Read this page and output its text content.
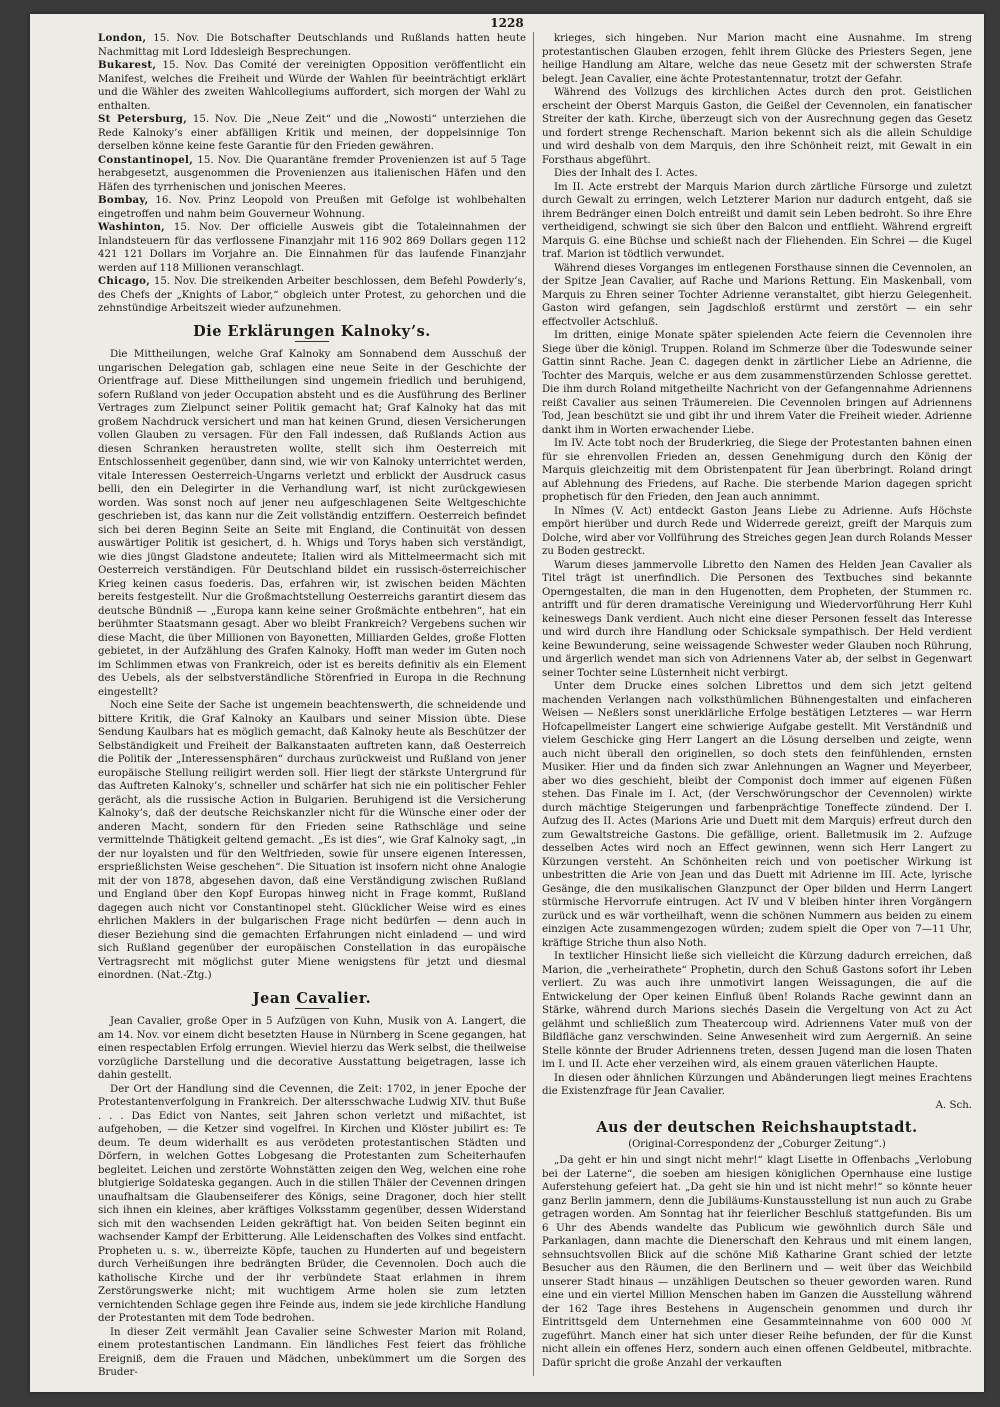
1228

London, 15. Nov. Die Botschafter Deutschlands und Rußlands hatten heute Nachmittag mit Lord Iddesleigh Besprechungen.

Bukarest, 15. Nov. Das Comité der vereinigten Opposition veröffentlicht ein Manifest, welches die Freiheit und Würde der Wahlen für beeinträchtigt erklärt und die Wähler des zweiten Wahlcollegiums auffordert, sich morgen der Wahl zu enthalten.

St Petersburg, 15. Nov. Die „Neue Zeit“ und die „Nowosti“ unterziehen die Rede Kalnoky’s einer abfälligen Kritik und meinen, der doppelsinnige Ton derselben könne keine feste Garantie für den Frieden gewähren.

Constantinopel, 15. Nov. Die Quarantäne fremder Provenienzen ist auf 5 Tage herabgesetzt, ausgenommen die Provenienzen aus italienischen Häfen und den Häfen des tyrrhenischen und jonischen Meeres.

Bombay, 16. Nov. Prinz Leopold von Preußen mit Gefolge ist wohlbehalten eingetroffen und nahm beim Gouverneur Wohnung.

Washinton, 15. Nov. Der officielle Ausweis gibt die Totaleinnahmen der Inlandsteuern für das verflossene Finanzjahr mit 116 902 869 Dollars gegen 112 421 121 Dollars im Vorjahre an. Die Einnahmen für das laufende Finanzjahr werden auf 118 Millionen veranschlagt.

Chicago, 15. Nov. Die streikenden Arbeiter beschlossen, dem Befehl Powderly’s, des Chefs der „Knights of Labor,“ obgleich unter Protest, zu gehorchen und die zehnstündige Arbeitszeit wieder aufzunehmen.

Die Erklärungen Kalnoky’s.

Die Mittheilungen, welche Graf Kalnoky am Sonnabend dem Ausschuß der ungarischen Delegation gab, schlagen eine neue Seite in der Geschichte der Orientfrage auf. Diese Mittheilungen sind ungemein friedlich und beruhigend, sofern Rußland von jeder Occupation absteht und es die Ausführung des Berliner Vertrages zum Zielpunct seiner Politik gemacht hat; Graf Kalnoky hat das mit großem Nachdruck versichert und man hat keinen Grund, diesen Versicherungen vollen Glauben zu versagen. Für den Fall indessen, daß Rußlands Action aus diesen Schranken heraustreten wollte, stellt sich ihm Oesterreich mit Entschlossenheit gegenüber, dann sind, wie wir von Kalnoky unterrichtet werden, vitale Interessen Oesterreich-Ungarns verletzt und erblickt der Ausdruck casus belli, den ein Delegirter in die Verhandlung warf, ist nicht zurückgewiesen worden. Was sonst noch auf jener neu aufgeschlagenen Seite Weltgeschichte geschrieben ist, das kann nur die Zeit vollständig entziffern. Oesterreich befindet sich bei deren Beginn Seite an Seite mit England, die Continuität von dessen auswärtiger Politik ist gesichert, d. h. Whigs und Torys haben sich verständigt, wie dies jüngst Gladstone andeutete; Italien wird als Mittelmeermacht sich mit Oesterreich verständigen. Für Deutschland bildet ein russisch-österreichischer Krieg keinen casus foederis. Das, erfahren wir, ist zwischen beiden Mächten bereits festgestellt. Nur die Großmachtstellung Oesterreichs garantirt diesem das deutsche Bündniß — „Europa kann keine seiner Großmächte entbehren“, hat ein berühmter Staatsmann gesagt. Aber wo bleibt Frankreich? Vergebens suchen wir diese Macht, die über Millionen von Bayonetten, Milliarden Geldes, große Flotten gebietet, in der Aufzählung des Grafen Kalnoky. Hofft man weder im Guten noch im Schlimmen etwas von Frankreich, oder ist es bereits definitiv als ein Element des Uebels, als der selbstverständliche Störenfried in Europa in die Rechnung eingestellt?

Noch eine Seite der Sache ist ungemein beachtenswerth, die schneidende und bittere Kritik, die Graf Kalnoky an Kaulbars und seiner Mission übte. Diese Sendung Kaulbars hat es möglich gemacht, daß Kalnoky heute als Beschützer der Selbständigkeit und Freiheit der Balkanstaaten auftreten kann, daß Oesterreich die Politik der „Interessensphären“ durchaus zurückweist und Rußland von jener europäische Stellung reiligirt werden soll. Hier liegt der stärkste Untergrund für das Auftreten Kalnoky’s, schneller und schärfer hat sich nie ein politischer Fehler gerächt, als die russische Action in Bulgarien. Beruhigend ist die Versicherung Kalnoky’s, daß der deutsche Reichskanzler nicht für die Wünsche einer oder der anderen Macht, sondern für den Frieden seine Rathschläge und seine vermittelnde Thätigkeit geltend gemacht. „Es ist dies“, wie Graf Kalnoky sagt, „in der nur loyalsten und für den Weltfrieden, sowie für unsere eigenen Interessen, ersprießlichsten Weise geschehen“. Die Situation ist insofern nicht ohne Analogie mit der von 1878, abgesehen davon, daß eine Verständigung zwischen Rußland und England über den Kopf Europas hinweg nicht in Frage kommt, Rußland dagegen auch nicht vor Constantinopel steht. Glücklicher Weise wird es eines ehrlichen Maklers in der bulgarischen Frage nicht bedürfen — denn auch in dieser Beziehung sind die gemachten Erfahrungen nicht einladend — und wird sich Rußland gegenüber der europäischen Constellation in das europäische Vertragsrecht mit möglichst guter Miene wenigstens für jetzt und diesmal einordnen. (Nat.-Ztg.)

Jean Cavalier.

Jean Cavalier, große Oper in 5 Aufzügen von Kuhn, Musik von A. Langert, die am 14. Nov. vor einem dicht besetzten Hause in Nürnberg in Scene gegangen, hat einen respectablen Erfolg errungen. Wieviel hierzu das Werk selbst, die theilweise vorzügliche Darstellung und die decorative Ausstattung beigetragen, lasse ich dahin gestellt.

Der Ort der Handlung sind die Cevennen, die Zeit: 1702, in jener Epoche der Protestantenverfolgung in Frankreich. Der altersschwache Ludwig XIV. thut Buße . . . Das Edict von Nantes, seit Jahren schon verletzt und mißachtet, ist aufgehoben, — die Ketzer sind vogelfrei. In Kirchen und Klöster jubilirt es: Te deum. Te deum widerhallt es aus verödeten protestantischen Städten und Dörfern, in welchen Gottes Lobgesang die Protestanten zum Scheiterhaufen begleitet. Leichen und zerstörte Wohnstätten zeigen den Weg, welchen eine rohe blutgierige Soldateska gegangen. Auch in die stillen Thäler der Cevennen dringen unaufhaltsam die Glaubenseiferer des Königs, seine Dragoner, doch hier stellt sich ihnen ein kleines, aber kräftiges Volksstamm gegenüber, dessen Widerstand sich mit den wachsenden Leiden gekräftigt hat. Von beiden Seiten beginnt ein wachsender Kampf der Erbitterung. Alle Leidenschaften des Volkes sind entfacht. Propheten u. s. w., überreizte Köpfe, tauchen zu Hunderten auf und begeistern durch Verheißungen ihre bedrängten Brüder, die Cevennolen. Doch auch die katholische Kirche und der ihr verbündete Staat erlahmen in ihrem Zerstörungswerke nicht; mit wuchtigem Arme holen sie zum letzten vernichtenden Schlage gegen ihre Feinde aus, indem sie jede kirchliche Handlung der Protestanten mit dem Tode bedrohen.

In dieser Zeit vermählt Jean Cavalier seine Schwester Marion mit Roland, einem protestantischen Landmann. Ein ländliches Fest feiert das fröhliche Ereigniß, dem die Frauen und Mädchen, unbekümmert um die Sorgen des Bruder-

krieges, sich hingeben. Nur Marion macht eine Ausnahme. Im streng protestantischen Glauben erzogen, fehlt ihrem Glücke des Priesters Segen, jene heilige Handlung am Altare, welche das neue Gesetz mit der schwersten Strafe belegt. Jean Cavalier, eine ächte Protestantennatur, trotzt der Gefahr.

Während des Vollzugs des kirchlichen Actes durch den prot. Geistlichen erscheint der Oberst Marquis Gaston, die Geißel der Cevennolen, ein fanatischer Streiter der kath. Kirche, überzeugt sich von der Ausrechnung gegen das Gesetz und fordert strenge Rechenschaft. Marion bekennt sich als die allein Schuldige und wird deshalb von dem Marquis, den ihre Schönheit reizt, mit Gewalt in ein Forsthaus abgeführt.

Dies der Inhalt des I. Actes.

Im II. Acte erstrebt der Marquis Marion durch zärtliche Fürsorge und zuletzt durch Gewalt zu erringen, welch Letzterer Marion nur dadurch entgeht, daß sie ihrem Bedränger einen Dolch entreißt und damit sein Leben bedroht. So ihre Ehre vertheidigend, schwingt sie sich über den Balcon und entflieht. Während ergreift Marquis G. eine Büchse und schießt nach der Fliehenden. Ein Schrei — die Kugel traf. Marion ist tödtlich verwundet.

Während dieses Vorganges im entlegenen Forsthause sinnen die Cevennolen, an der Spitze Jean Cavalier, auf Rache und Marions Rettung. Ein Maskenball, vom Marquis zu Ehren seiner Tochter Adrienne veranstaltet, gibt hierzu Gelegenheit. Gaston wird gefangen, sein Jagdschloß erstürmt und zerstört — ein sehr effectvoller Actschluß.

Im dritten, einige Monate später spielenden Acte feiern die Cevennolen ihre Siege über die königl. Truppen. Roland im Schmerze über die Todeswunde seiner Gattin sinnt Rache. Jean C. dagegen denkt in zärtlicher Liebe an Adrienne, die Tochter des Marquis, welche er aus dem zusammenstürzenden Schlosse gerettet. Die ihm durch Roland mitgetheilte Nachricht von der Gefangennahme Adriennens reißt Cavalier aus seinen Träumereien. Die Cevennolen bringen auf Adriennens Tod, Jean beschützt sie und gibt ihr und ihrem Vater die Freiheit wieder. Adrienne dankt ihm in Worten erwachender Liebe.

Im IV. Acte tobt noch der Bruderkrieg, die Siege der Protestanten bahnen einen für sie ehrenvollen Frieden an, dessen Genehmigung durch den König der Marquis gleichzeitig mit dem Obristenpatent für Jean überbringt. Roland dringt auf Ablehnung des Friedens, auf Rache. Die sterbende Marion dagegen spricht prophetisch für den Frieden, den Jean auch annimmt.

In Nîmes (V. Act) entdeckt Gaston Jeans Liebe zu Adrienne. Aufs Höchste empört hierüber und durch Rede und Widerrede gereizt, greift der Marquis zum Dolche, wird aber vor Vollführung des Streiches gegen Jean durch Rolands Messer zu Boden gestreckt.

Warum dieses jammervolle Libretto den Namen des Helden Jean Cavalier als Titel trägt ist unerfindlich. Die Personen des Textbuches sind bekannte Operngestalten, die man in den Hugenotten, dem Propheten, der Stummen rc. antrifft und für deren dramatische Vereinigung und Wiedervorführung Herr Kuhl keineswegs Dank verdient. Auch nicht eine dieser Personen fesselt das Interesse und wird durch ihre Handlung oder Schicksale sympathisch. Der Held verdient keine Bewunderung, seine weissagende Schwester weder Glauben noch Rührung, und ärgerlich wendet man sich von Adriennens Vater ab, der selbst in Gegenwart seiner Tochter seine Lüsternheit nicht verbirgt.

Unter dem Drucke eines solchen Librettos und dem sich jetzt geltend machenden Verlangen nach volksthümlichen Bühnengestalten und einfacheren Weisen — Neßlers sonst unerklärliche Erfolge bestätigen Letzteres — war Herrn Hofcapellmeister Langert eine schwierige Aufgabe gestellt. Mit Verständniß und vielem Geschicke ging Herr Langert an die Lösung derselben und zeigte, wenn auch nicht überall den originellen, so doch stets den feinfühlenden, ernsten Musiker. Hier und da finden sich zwar Anlehnungen an Wagner und Meyerbeer, aber wo dies geschieht, bleibt der Componist doch immer auf eigenen Füßen stehen. Das Finale im I. Act, (der Verschwörungschor der Cevennolen) wirkte durch mächtige Steigerungen und farbenprächtige Toneffecte zündend. Der I. Aufzug des II. Actes (Marions Arie und Duett mit dem Marquis) erfreut durch den zum Gewaltstreiche Gastons. Die gefällige, orient. Balletmusik im 2. Aufzuge desselben Actes wird noch an Effect gewinnen, wenn sich Herr Langert zu Kürzungen versteht. An Schönheiten reich und von poetischer Wirkung ist unbestritten die Arie von Jean und das Duett mit Adrienne im III. Acte, lyrische Gesänge, die den musikalischen Glanzpunct der Oper bilden und Herrn Langert stürmische Hervorrufe eintrugen. Act IV und V bleiben hinter ihren Vorgängern zurück und es wär vortheilhaft, wenn die schönen Nummern aus beiden zu einem einzigen Acte zusammengezogen würden; zudem spielt die Oper von 7—11 Uhr, kräftige Striche thun also Noth.

In textlicher Hinsicht ließe sich vielleicht die Kürzung dadurch erreichen, daß Marion, die „verheirathete“ Prophetin, durch den Schuß Gastons sofort ihr Leben verliert. Zu was auch ihre unmotivirt langen Weissagungen, die auf die Entwickelung der Oper keinen Einfluß üben! Rolands Rache gewinnt dann an Stärke, während durch Marions siechés Dasein die Vergeltung von Act zu Act gelähmt und schließlich zum Theatercoup wird. Adriennens Vater muß von der Bildfläche ganz verschwinden. Seine Anwesenheit wird zum Aergerniß. An seine Stelle könnte der Bruder Adriennens treten, dessen Jugend man die losen Thaten im I. und II. Acte eher verzeihen wird, als einem grauen väterlichen Haupte.

In diesen oder ähnlichen Kürzungen und Abänderungen liegt meines Erachtens die Existenzfrage für Jean Cavalier.

A. Sch.
Aus der deutschen Reichshauptstadt.
(Original-Correspondenz der „Coburger Zeitung“.)

„Da geht er hin und singt nicht mehr!“ klagt Lisette in Offenbachs „Verlobung bei der Laterne“, die soeben am hiesigen königlichen Opernhause eine lustige Auferstehung gefeiert hat. „Da geht sie hin und ist nicht mehr!“ so könnte heuer ganz Berlin jammern, denn die Jubiläums-Kunstausstellung ist nun auch zu Grabe getragen worden. Am Sonntag hat ihr feierlicher Beschluß stattgefunden. Bis um 6 Uhr des Abends wandelte das Publicum wie gewöhnlich durch Säle und Parkanlagen, dann machte die Dienerschaft den Kehraus und mit einem langen, sehnsuchtsvollen Blick auf die schöne Miß Katharine Grant schied der letzte Besucher aus den Räumen, die den Berlinern und — weit über das Weichbild unserer Stadt hinaus — unzähligen Deutschen so theuer geworden waren. Rund eine und ein viertel Million Menschen haben im Ganzen die Ausstellung während der 162 Tage ihres Bestehens in Augenschein genommen und durch ihr Eintrittsgeld dem Unternehmen eine Gesammteinnahme von 600 000 ℳ zugeführt. Manch einer hat sich unter dieser Reihe befunden, der für die Kunst nicht allein ein offenes Herz, sondern auch einen offenen Geldbeutel, mitbrachte. Dafür spricht die große Anzahl der verkauften
